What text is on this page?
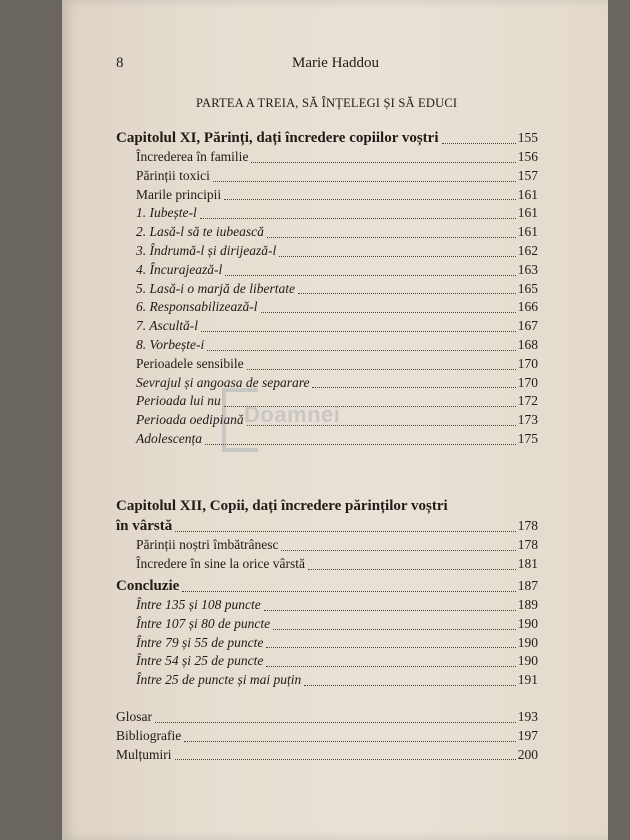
8	Marie Haddou
PARTEA A TREIA, SĂ ÎNȚELEGI ȘI SĂ EDUCI
Capitolul XI, Părinți, dați încredere copiilor voștri	155
Încrederea în familie	156
Părinții toxici	157
Marile principii	161
1. Iubește-l	161
2. Lasă-l să te iubească	161
3. Îndrumă-l și dirijează-l	162
4. Încurajează-l	163
5. Lasă-i o marjă de libertate	165
6. Responsabilizează-l	166
7. Ascultă-l	167
8. Vorbește-i	168
Perioadele sensibile	170
Sevrajul și angoasa de separare	170
Perioada lui nu	172
Perioada oedipiană	173
Adolescența	175
Capitolul XII, Copii, dați încredere părinților voștri
în vârstă	178
Părinții noștri îmbătrânesc	178
Încredere în sine la orice vârstă	181
Concluzie	187
Între 135 și 108 puncte	189
Între 107 și 80 de puncte	190
Între 79 și 55 de puncte	190
Între 54 și 25 de puncte	190
Între 25 de puncte și mai puțin	191
Glosar	193
Bibliografie	197
Mulțumiri	200
Doamnei
